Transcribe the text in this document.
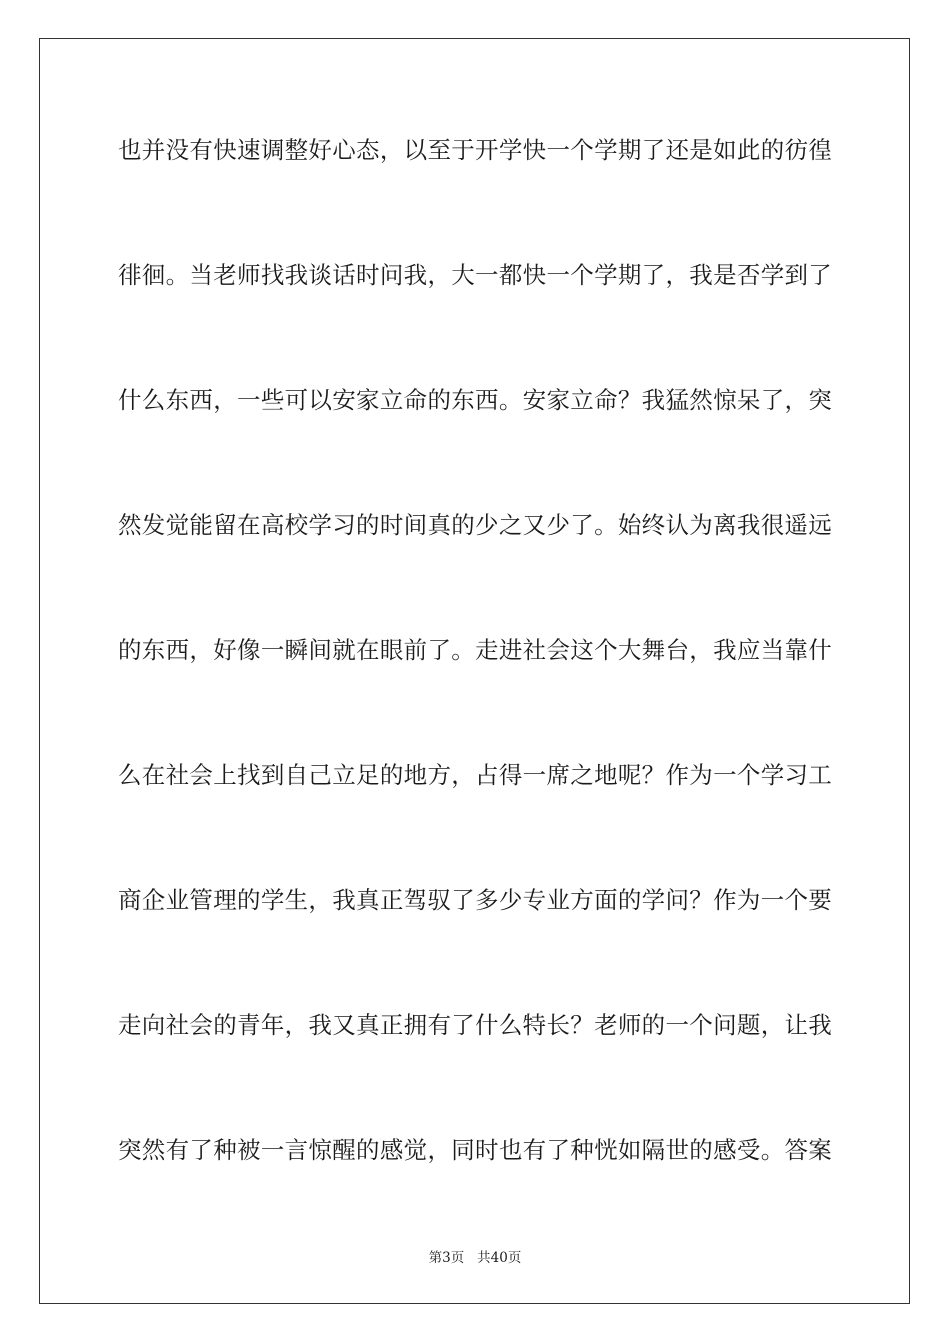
也并没有快速调整好心态，以至于开学快一个学期了还是如此的彷徨
徘徊。当老师找我谈话时问我，大一都快一个学期了，我是否学到了
什么东西，一些可以安家立命的东西。安家立命？我猛然惊呆了，突
然发觉能留在高校学习的时间真的少之又少了。始终认为离我很遥远
的东西，好像一瞬间就在眼前了。走进社会这个大舞台，我应当靠什
么在社会上找到自己立足的地方，占得一席之地呢？作为一个学习工
商企业管理的学生，我真正驾驭了多少专业方面的学问？作为一个要
走向社会的青年，我又真正拥有了什么特长？老师的一个问题，让我
突然有了种被一言惊醒的感觉，同时也有了种恍如隔世的感受。答案
第3页 共40页
